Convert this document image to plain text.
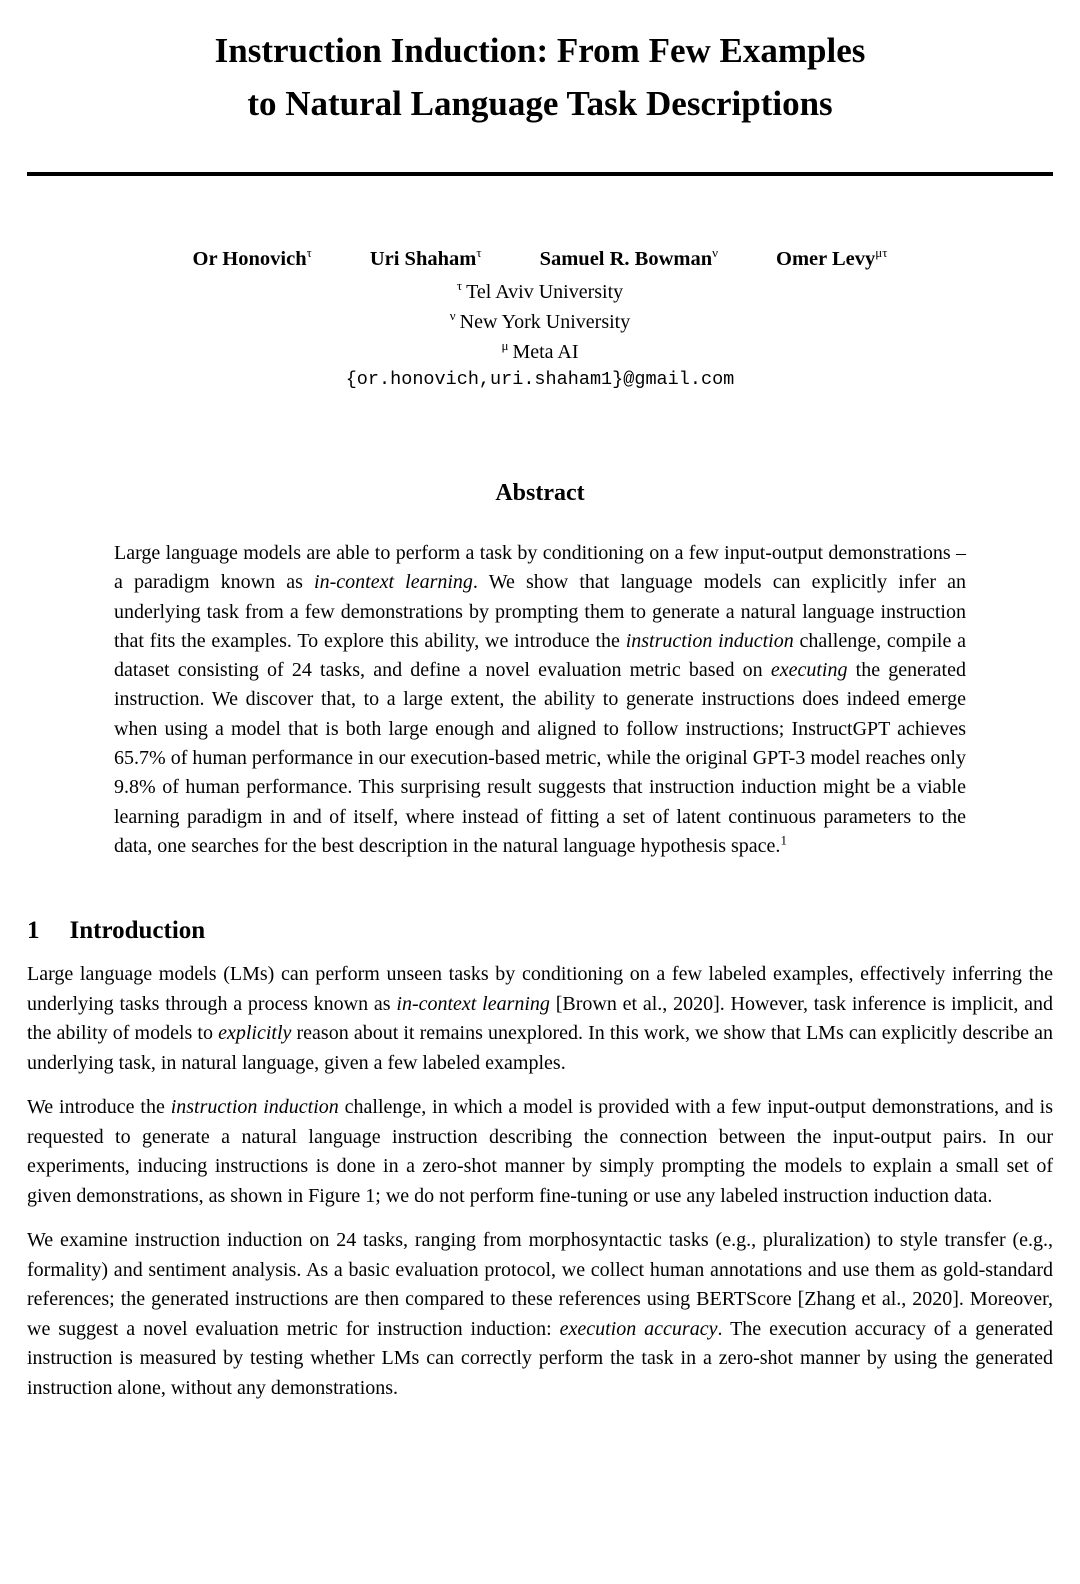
Instruction Induction: From Few Examples
to Natural Language Task Descriptions
Or Honovich$^\tau$	Uri Shaham$^\tau$	Samuel R. Bowman$^\nu$	Omer Levy$^{\mu\tau}$
$^\tau$ Tel Aviv University
$^\nu$ New York University
$^\mu$ Meta AI
{or.honovich,uri.shaham1}@gmail.com
Abstract

Large language models are able to perform a task by conditioning on a few input-output demonstrations – a paradigm known as in-context learning. We show that language models can explicitly infer an underlying task from a few demonstrations by prompting them to generate a natural language instruction that fits the examples. To explore this ability, we introduce the instruction induction challenge, compile a dataset consisting of 24 tasks, and define a novel evaluation metric based on executing the generated instruction. We discover that, to a large extent, the ability to generate instructions does indeed emerge when using a model that is both large enough and aligned to follow instructions; InstructGPT achieves 65.7% of human performance in our execution-based metric, while the original GPT-3 model reaches only 9.8% of human performance. This surprising result suggests that instruction induction might be a viable learning paradigm in and of itself, where instead of fitting a set of latent continuous parameters to the data, one searches for the best description in the natural language hypothesis space.$^1$

1 Introduction

Large language models (LMs) can perform unseen tasks by conditioning on a few labeled examples, effectively inferring the underlying tasks through a process known as in-context learning [Brown et al., 2020]. However, task inference is implicit, and the ability of models to explicitly reason about it remains unexplored. In this work, we show that LMs can explicitly describe an underlying task, in natural language, given a few labeled examples.

We introduce the instruction induction challenge, in which a model is provided with a few input-output demonstrations, and is requested to generate a natural language instruction describing the connection between the input-output pairs. In our experiments, inducing instructions is done in a zero-shot manner by simply prompting the models to explain a small set of given demonstrations, as shown in Figure 1; we do not perform fine-tuning or use any labeled instruction induction data.

We examine instruction induction on 24 tasks, ranging from morphosyntactic tasks (e.g., pluralization) to style transfer (e.g., formality) and sentiment analysis. As a basic evaluation protocol, we collect human annotations and use them as gold-standard references; the generated instructions are then compared to these references using BERTScore [Zhang et al., 2020]. Moreover, we suggest a novel evaluation metric for instruction induction: execution accuracy. The execution accuracy of a generated instruction is measured by testing whether LMs can correctly perform the task in a zero-shot manner by using the generated instruction alone, without any demonstrations.
